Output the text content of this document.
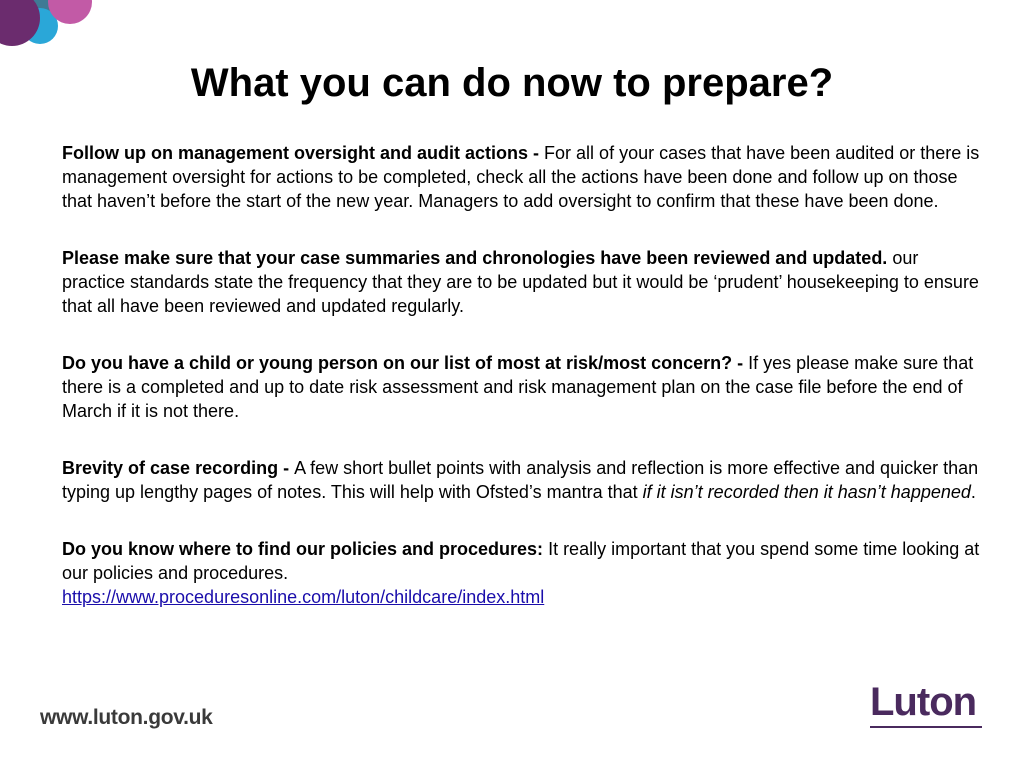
What you can do now to prepare?

Follow up on management oversight and audit actions - For all of your cases that have been audited or there is management oversight for actions to be completed, check all the actions have been done and follow up on those that haven’t before the start of the new year. Managers to add oversight to confirm that these have been done.

Please make sure that your case summaries and chronologies have been reviewed and updated. our practice standards state the frequency that they are to be updated but it would be ‘prudent’ housekeeping to ensure that all have been reviewed and updated regularly.

Do you have a child or young person on our list of most at risk/most concern? - If yes please make sure that there is a completed and up to date risk assessment and risk management plan on the case file before the end of March if it is not there.

Brevity of case recording - A few short bullet points with analysis and reflection is more effective and quicker than typing up lengthy pages of notes. This will help with Ofsted’s mantra that if it isn’t recorded then it hasn’t happened.

Do you know where to find our policies and procedures: It really important that you spend some time looking at our policies and procedures.
https://www.proceduresonline.com/luton/childcare/index.html

www.luton.gov.uk	Luton
